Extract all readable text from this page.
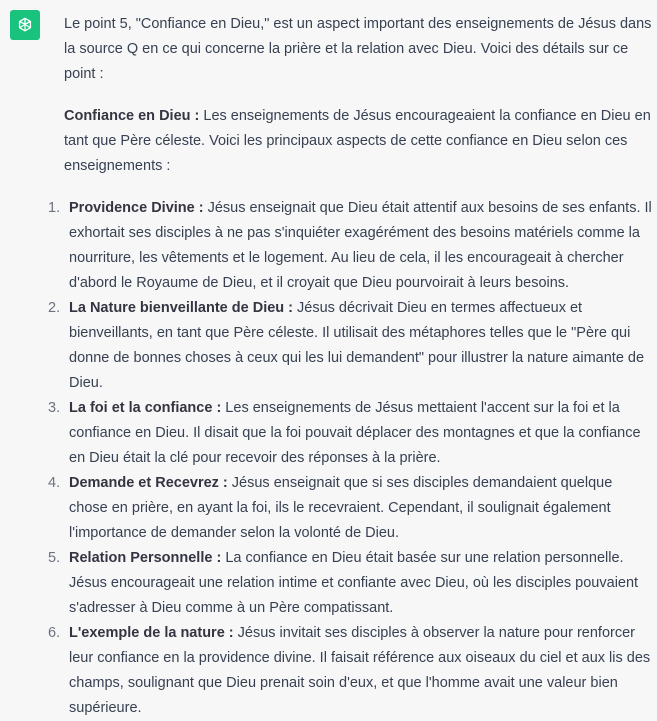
Le point 5, "Confiance en Dieu," est un aspect important des enseignements de Jésus dans la source Q en ce qui concerne la prière et la relation avec Dieu. Voici des détails sur ce point :

Confiance en Dieu : Les enseignements de Jésus encourageaient la confiance en Dieu en tant que Père céleste. Voici les principaux aspects de cette confiance en Dieu selon ces enseignements :

1. Providence Divine : Jésus enseignait que Dieu était attentif aux besoins de ses enfants. Il exhortait ses disciples à ne pas s'inquiéter exagérément des besoins matériels comme la nourriture, les vêtements et le logement. Au lieu de cela, il les encourageait à chercher d'abord le Royaume de Dieu, et il croyait que Dieu pourvoirait à leurs besoins.
2. La Nature bienveillante de Dieu : Jésus décrivait Dieu en termes affectueux et bienveillants, en tant que Père céleste. Il utilisait des métaphores telles que le "Père qui donne de bonnes choses à ceux qui les lui demandent" pour illustrer la nature aimante de Dieu.
3. La foi et la confiance : Les enseignements de Jésus mettaient l'accent sur la foi et la confiance en Dieu. Il disait que la foi pouvait déplacer des montagnes et que la confiance en Dieu était la clé pour recevoir des réponses à la prière.
4. Demande et Recevrez : Jésus enseignait que si ses disciples demandaient quelque chose en prière, en ayant la foi, ils le recevraient. Cependant, il soulignait également l'importance de demander selon la volonté de Dieu.
5. Relation Personnelle : La confiance en Dieu était basée sur une relation personnelle. Jésus encourageait une relation intime et confiante avec Dieu, où les disciples pouvaient s'adresser à Dieu comme à un Père compatissant.
6. L'exemple de la nature : Jésus invitait ses disciples à observer la nature pour renforcer leur confiance en la providence divine. Il faisait référence aux oiseaux du ciel et aux lis des champs, soulignant que Dieu prenait soin d'eux, et que l'homme avait une valeur bien supérieure.
